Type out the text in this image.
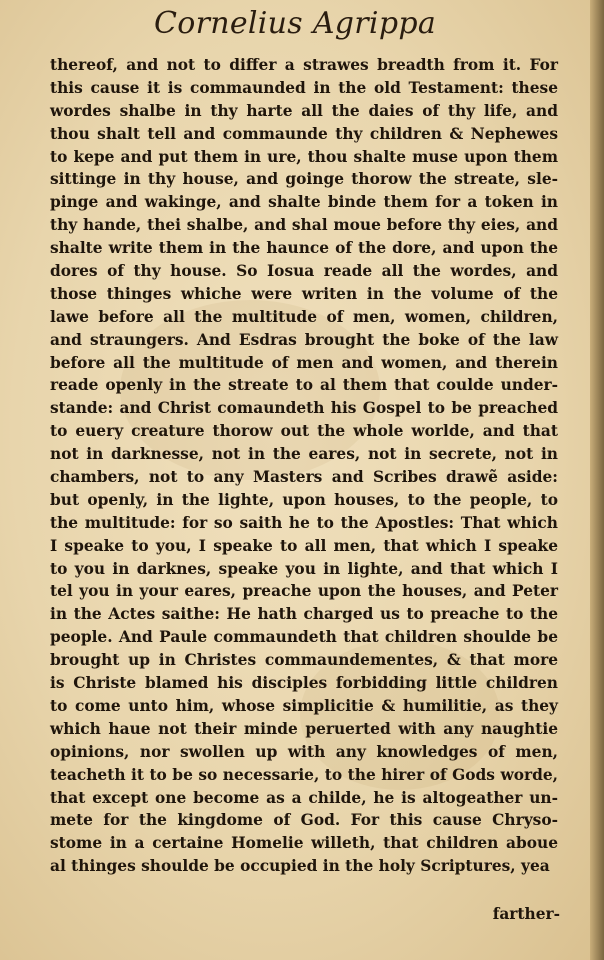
Cornelius Agrippa
thereof, and not to differ a strawes breadth from it. For
this cause it is commaunded in the old Testament: these
wordes shalbe in thy harte all the daies of thy life, and
thou shalt tell and commaunde thy children & Nephewes
to kepe and put them in ure, thou shalte muse upon them
sittinge in thy house, and goinge thorow the streate, sle-
pinge and wakinge, and shalte binde them for a token in
thy hande, thei shalbe, and shal moue before thy eies, and
shalte write them in the haunce of the dore, and upon the
dores of thy house. So Iosua reade all the wordes, and
those thinges whiche were writen in the volume of the
lawe before all the multitude of men, women, children,
and straungers. And Esdras brought the boke of the law
before all the multitude of men and women, and therein
reade openly in the streate to al them that coulde under-
stande: and Christ comaundeth his Gospel to be preached
to euery creature thorow out the whole worlde, and that
not in darknesse, not in the eares, not in secrete, not in
chambers, not to any Masters and Scribes drawẽ aside:
but openly, in the lighte, upon houses, to the people, to
the multitude: for so saith he to the Apostles: That which
I speake to you, I speake to all men, that which I speake
to you in darknes, speake you in lighte, and that which I
tel you in your eares, preache upon the houses, and Peter
in the Actes saithe: He hath charged us to preache to the
people. And Paule commaundeth that children shoulde be
brought up in Christes commaundementes, & that more
is Christe blamed his disciples forbidding little children
to come unto him, whose simplicitie & humilitie, as they
which haue not their minde peruerted with any naughtie
opinions, nor swollen up with any knowledges of men,
teacheth it to be so necessarie, to the hirer of Gods worde,
that except one become as a childe, he is altogeather un-
mete for the kingdome of God. For this cause Chryso-
stome in a certaine Homelie willeth, that children aboue
al thinges shoulde be occupied in the holy Scriptures, yea
farther-
